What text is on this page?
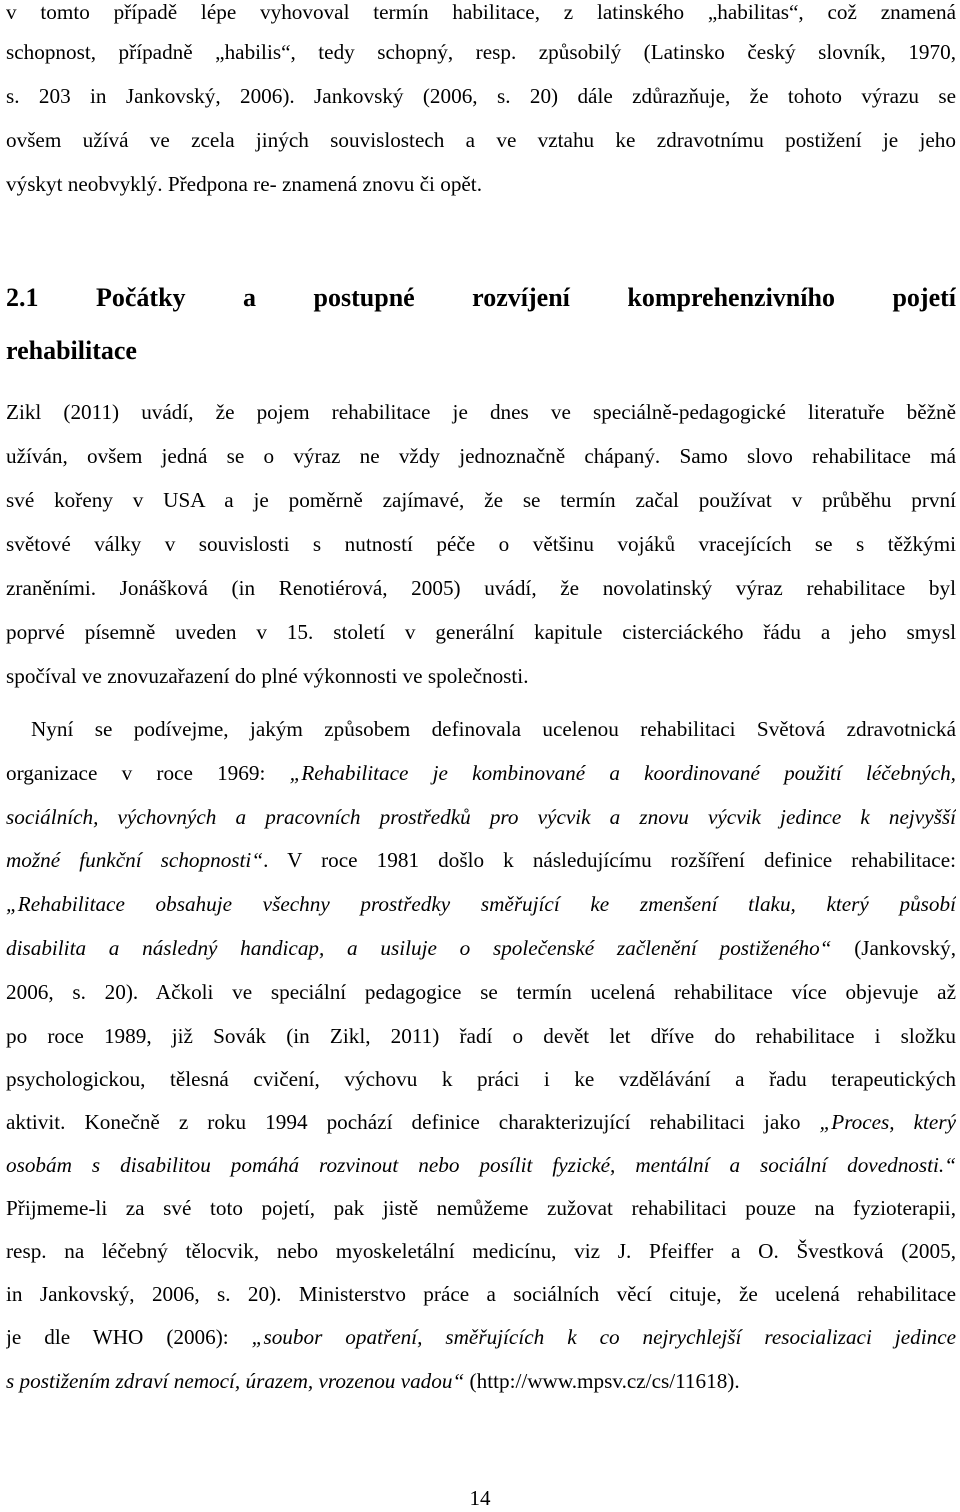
v tomto případě lépe vyhovoval termín habilitace, z latinského „habilitas“, což znamená
schopnost, případně „habilis“, tedy schopný, resp. způsobilý (Latinsko český slovník, 1970,
s. 203 in Jankovský, 2006). Jankovský (2006, s. 20) dále zdůrazňuje, že tohoto výrazu se
ovšem užívá ve zcela jiných souvislostech a ve vztahu ke zdravotnímu postižení je jeho
výskyt neobvyklý. Předpona re- znamená znovu či opět.
2.1 Počátky a postupné rozvíjení komprehenzivního pojetí
rehabilitace
Zikl (2011) uvádí, že pojem rehabilitace je dnes ve speciálně-pedagogické literatuře běžně
užíván, ovšem jedná se o výraz ne vždy jednoznačně chápaný. Samo slovo rehabilitace má
své kořeny v USA a je poměrně zajímavé, že se termín začal používat v průběhu první
světové války v souvislosti s nutností péče o většinu vojáků vracejících se s těžkými
zraněními. Jonášková (in Renotiérová, 2005) uvádí, že novolatinský výraz rehabilitace byl
poprvé písemně uveden v 15. století v generální kapitule cisterciáckého řádu a jeho smysl
spočíval ve znovuzařazení do plné výkonnosti ve společnosti.
Nyní se podívejme, jakým způsobem definovala ucelenou rehabilitaci Světová zdravotnická
organizace v roce 1969: „Rehabilitace je kombinované a koordinované použití léčebných,
sociálních, výchovných a pracovních prostředků pro výcvik a znovu výcvik jedince k nejvyšší
možné funkční schopnosti“. V roce 1981 došlo k následujícímu rozšíření definice rehabilitace:
„Rehabilitace obsahuje všechny prostředky směřující ke zmenšení tlaku, který působí
disabilita a následný handicap, a usiluje o společenské začlenění postiženého“ (Jankovský,
2006, s. 20). Ačkoli ve speciální pedagogice se termín ucelená rehabilitace více objevuje až
po roce 1989, již Sovák (in Zikl, 2011) řadí o devět let dříve do rehabilitace i složku
psychologickou, tělesná cvičení, výchovu k práci i ke vzdělávání a řadu terapeutických
aktivit. Konečně z roku 1994 pochází definice charakterizující rehabilitaci jako „Proces, který
osobám s disabilitou pomáhá rozvinout nebo posílit fyzické, mentální a sociální dovednosti.“
Přijmeme-li za své toto pojetí, pak jistě nemůžeme zužovat rehabilitaci pouze na fyzioterapii,
resp. na léčebný tělocvik, nebo myoskeletální medicínu, viz J. Pfeiffer a O. Švestková (2005,
in Jankovský, 2006, s. 20). Ministerstvo práce a sociálních věcí cituje, že ucelená rehabilitace
je dle WHO (2006): „soubor opatření, směřujících k co nejrychlejší resocializaci jedince
s postižením zdraví nemocí, úrazem, vrozenou vadou“ (http://www.mpsv.cz/cs/11618).
14
